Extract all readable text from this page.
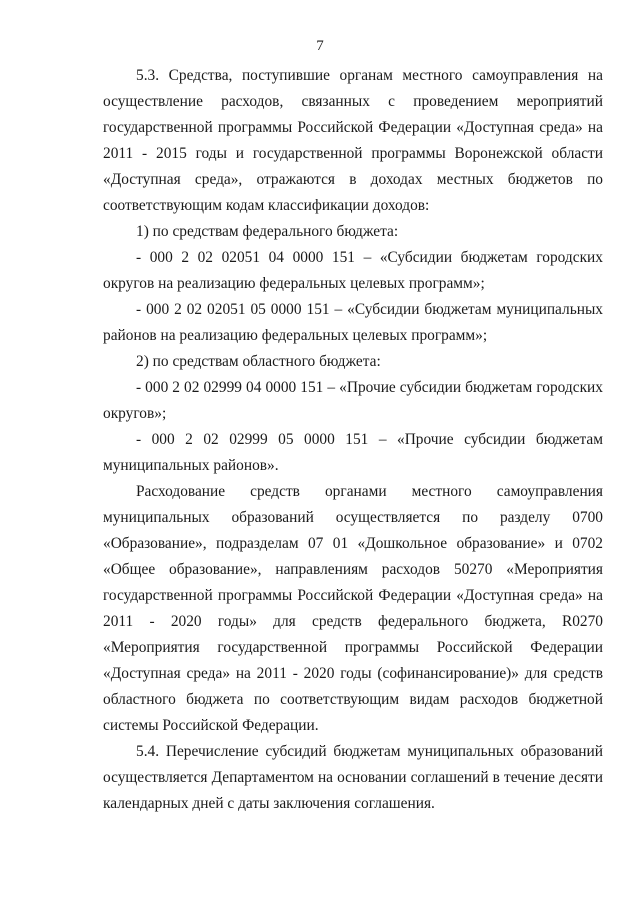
7

5.3. Средства, поступившие органам местного самоуправления на осуществление расходов, связанных с проведением мероприятий государственной программы Российской Федерации «Доступная среда» на 2011 - 2015 годы и государственной программы Воронежской области «Доступная среда», отражаются в доходах местных бюджетов по соответствующим кодам классификации доходов:

1) по средствам федерального бюджета:

- 000 2 02 02051 04 0000 151 – «Субсидии бюджетам городских округов на реализацию федеральных целевых программ»;

- 000 2 02 02051 05 0000 151 – «Субсидии бюджетам муниципальных районов на реализацию федеральных целевых программ»;

2) по средствам областного бюджета:

- 000 2 02 02999 04 0000 151 – «Прочие субсидии бюджетам городских округов»;

- 000 2 02 02999 05 0000 151 – «Прочие субсидии бюджетам муниципальных районов».

Расходование средств органами местного самоуправления муниципальных образований осуществляется по разделу 0700 «Образование», подразделам 07 01 «Дошкольное образование» и 0702 «Общее образование», направлениям расходов 50270 «Мероприятия государственной программы Российской Федерации «Доступная среда» на 2011 - 2020 годы» для средств федерального бюджета, R0270 «Мероприятия государственной программы Российской Федерации «Доступная среда» на 2011 - 2020 годы (софинансирование)» для средств областного бюджета по соответствующим видам расходов бюджетной системы Российской Федерации.

5.4. Перечисление субсидий бюджетам муниципальных образований осуществляется Департаментом на основании соглашений в течение десяти календарных дней с даты заключения соглашения.
